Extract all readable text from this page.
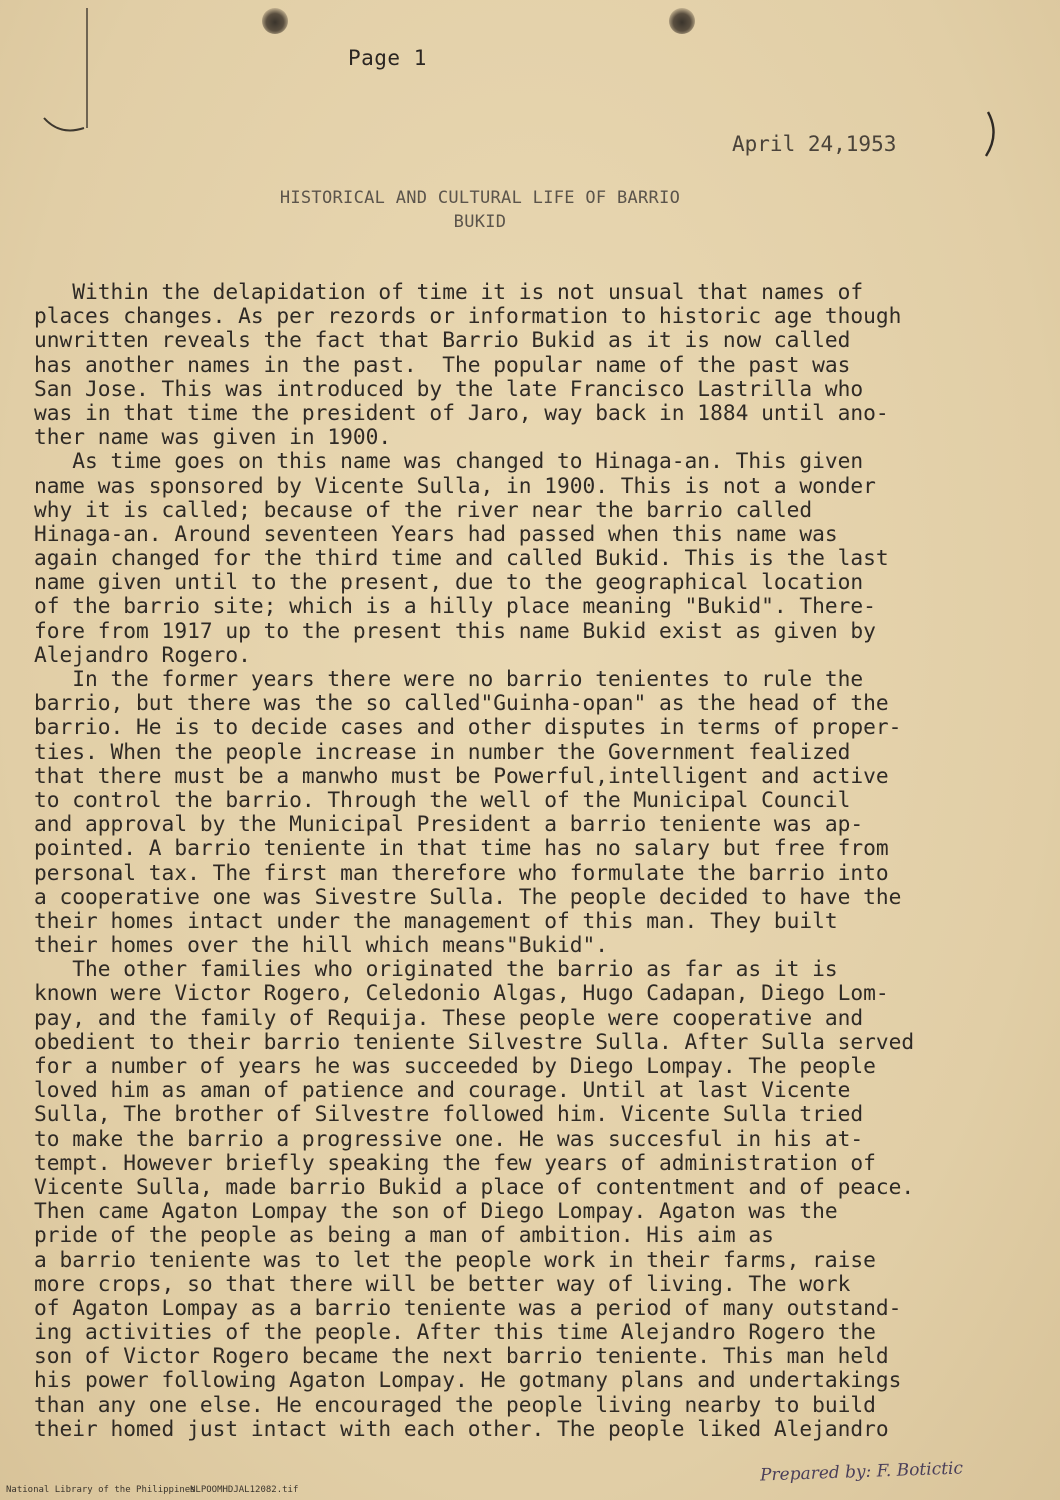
Page 1
April 24,1953
HISTORICAL AND CULTURAL LIFE OF BARRIO
BUKID
Within the delapidation of time it is not unsual that names of
places changes. As per rezords or information to historic age though
unwritten reveals the fact that Barrio Bukid as it is now called
has another names in the past.  The popular name of the past was
San Jose. This was introduced by the late Francisco Lastrilla who
was in that time the president of Jaro, way back in 1884 until ano-
ther name was given in 1900.
As time goes on this name was changed to Hinaga-an. This given
name was sponsored by Vicente Sulla, in 1900. This is not a wonder
why it is called; because of the river near the barrio called
Hinaga-an. Around seventeen Years had passed when this name was
again changed for the third time and called Bukid. This is the last
name given until to the present, due to the geographical location
of the barrio site; which is a hilly place meaning "Bukid". There-
fore from 1917 up to the present this name Bukid exist as given by
Alejandro Rogero.
In the former years there were no barrio tenientes to rule the
barrio, but there was the so called"Guinha-opan" as the head of the
barrio. He is to decide cases and other disputes in terms of proper-
ties. When the people increase in number the Government fealized
that there must be a manwho must be Powerful,intelligent and active
to control the barrio. Through the well of the Municipal Council
and approval by the Municipal President a barrio teniente was ap-
pointed. A barrio teniente in that time has no salary but free from
personal tax. The first man therefore who formulate the barrio into
a cooperative one was Sivestre Sulla. The people decided to have the
their homes intact under the management of this man. They built
their homes over the hill which means"Bukid".
The other families who originated the barrio as far as it is
known were Victor Rogero, Celedonio Algas, Hugo Cadapan, Diego Lom-
pay, and the family of Requija. These people were cooperative and
obedient to their barrio teniente Silvestre Sulla. After Sulla served
for a number of years he was succeeded by Diego Lompay. The people
loved him as aman of patience and courage. Until at last Vicente
Sulla, The brother of Silvestre followed him. Vicente Sulla tried
to make the barrio a progressive one. He was succesful in his at-
tempt. However briefly speaking the few years of administration of
Vicente Sulla, made barrio Bukid a place of contentment and of peace.
Then came Agaton Lompay the son of Diego Lompay. Agaton was the
pride of the people as being a man of ambition. His aim as
a barrio teniente was to let the people work in their farms, raise
more crops, so that there will be better way of living. The work
of Agaton Lompay as a barrio teniente was a period of many outstand-
ing activities of the people. After this time Alejandro Rogero the
son of Victor Rogero became the next barrio teniente. This man held
his power following Agaton Lompay. He gotmany plans and undertakings
than any one else. He encouraged the people living nearby to build
their homed just intact with each other. The people liked Alejandro
National Library of the Philippines
NLPOOMHDJAL12082.tif
Prepared by: F. Botictic
